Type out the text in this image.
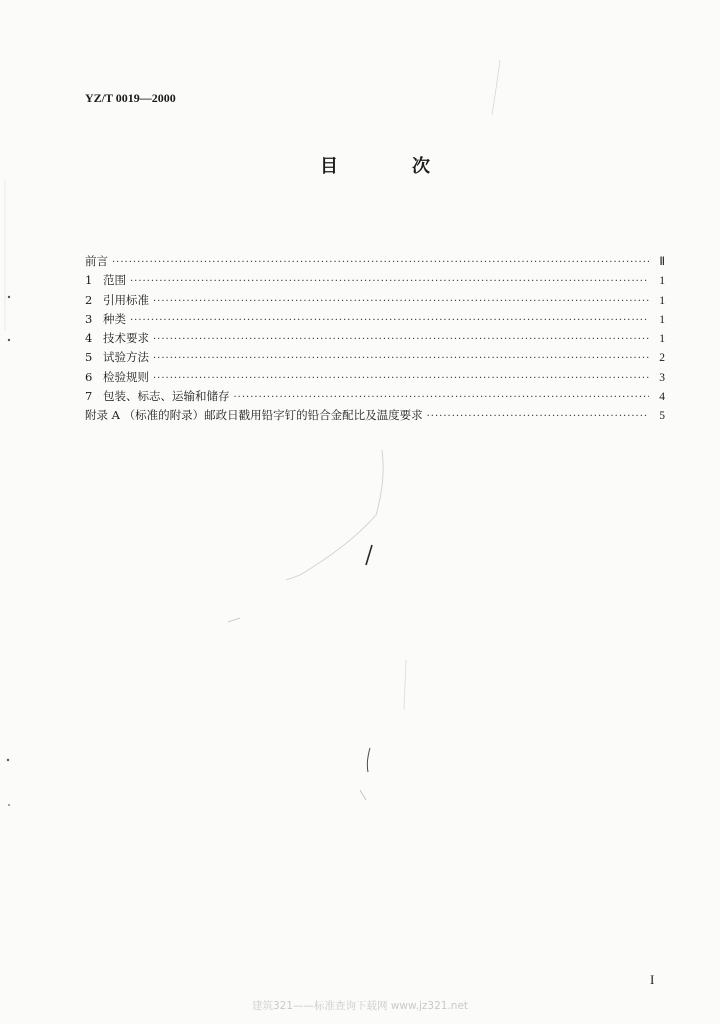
YZ/T 0019—2000
目	次
前言 ·····	Ⅱ
1 范围 ·····	1
2 引用标准 ·····	1
3 种类 ·····	1
4 技术要求 ·····	1
5 试验方法 ·····	2
6 检验规则 ·····	3
7 包装、标志、运输和储存 ·····	4
附录 A （标准的附录）邮政日戳用铅字钉的铅合金配比及温度要求 ·····	5
I
建筑321——标准查询下载网 www.jz321.net
